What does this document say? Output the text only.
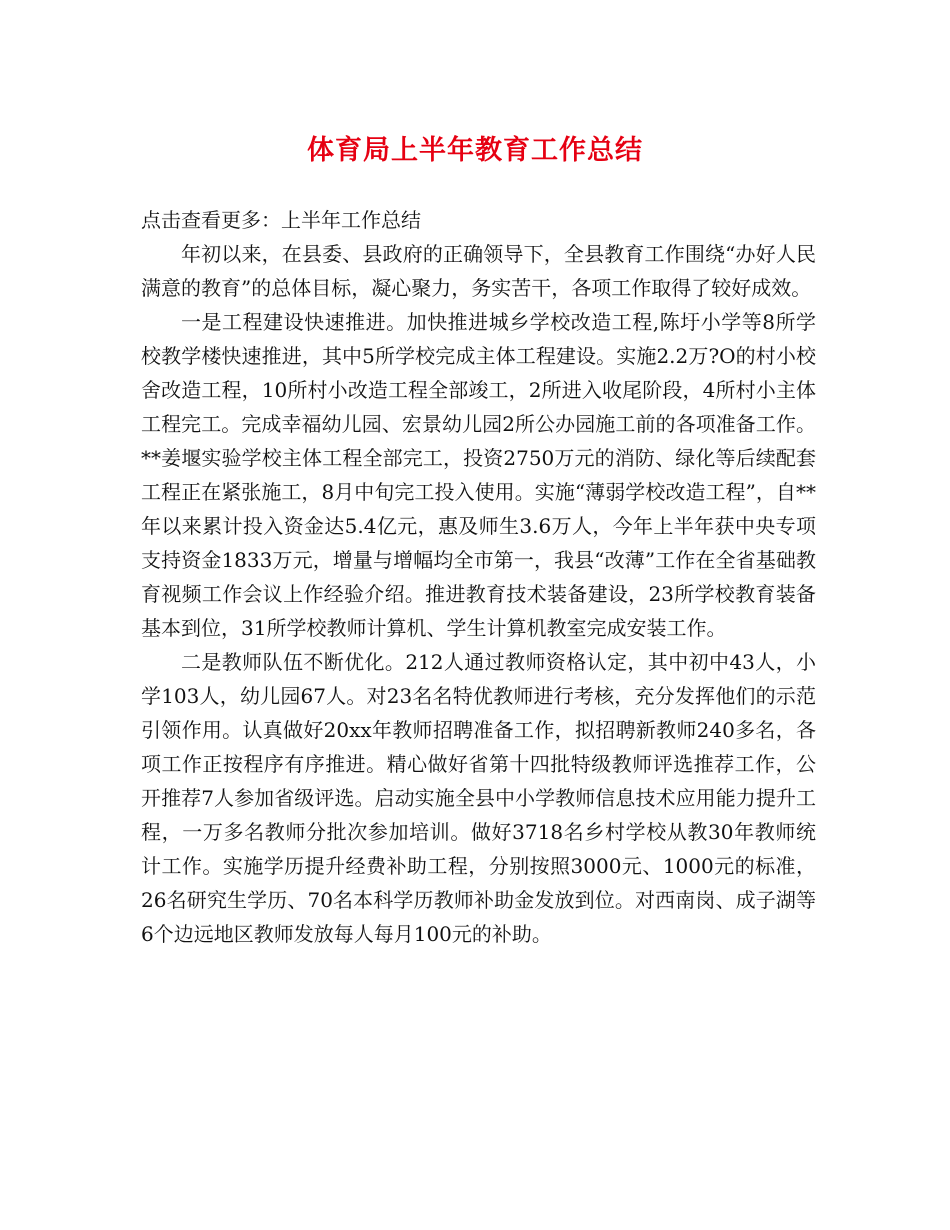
体育局上半年教育工作总结

点击查看更多：上半年工作总结

年初以来，在县委、县政府的正确领导下，全县教育工作围绕“办好人民满意的教育”的总体目标，凝心聚力，务实苦干，各项工作取得了较好成效。

一是工程建设快速推进。加快推进城乡学校改造工程,陈圩小学等8所学校教学楼快速推进，其中5所学校完成主体工程建设。实施2.2万?O的村小校舍改造工程，10所村小改造工程全部竣工，2所进入收尾阶段，4所村小主体工程完工。完成幸福幼儿园、宏景幼儿园2所公办园施工前的各项准备工作。**姜堰实验学校主体工程全部完工，投资2750万元的消防、绿化等后续配套工程正在紧张施工，8月中旬完工投入使用。实施“薄弱学校改造工程”，自**年以来累计投入资金达5.4亿元，惠及师生3.6万人，今年上半年获中央专项支持资金1833万元，增量与增幅均全市第一，我县“改薄”工作在全省基础教育视频工作会议上作经验介绍。推进教育技术装备建设，23所学校教育装备基本到位，31所学校教师计算机、学生计算机教室完成安装工作。

二是教师队伍不断优化。212人通过教师资格认定，其中初中43人，小学103人，幼儿园67人。对23名名特优教师进行考核，充分发挥他们的示范引领作用。认真做好20xx年教师招聘准备工作，拟招聘新教师240多名，各项工作正按程序有序推进。精心做好省第十四批特级教师评选推荐工作，公开推荐7人参加省级评选。启动实施全县中小学教师信息技术应用能力提升工程，一万多名教师分批次参加培训。做好3718名乡村学校从教30年教师统计工作。实施学历提升经费补助工程，分别按照3000元、1000元的标准，26名研究生学历、70名本科学历教师补助金发放到位。对西南岗、成子湖等6个边远地区教师发放每人每月100元的补助。
